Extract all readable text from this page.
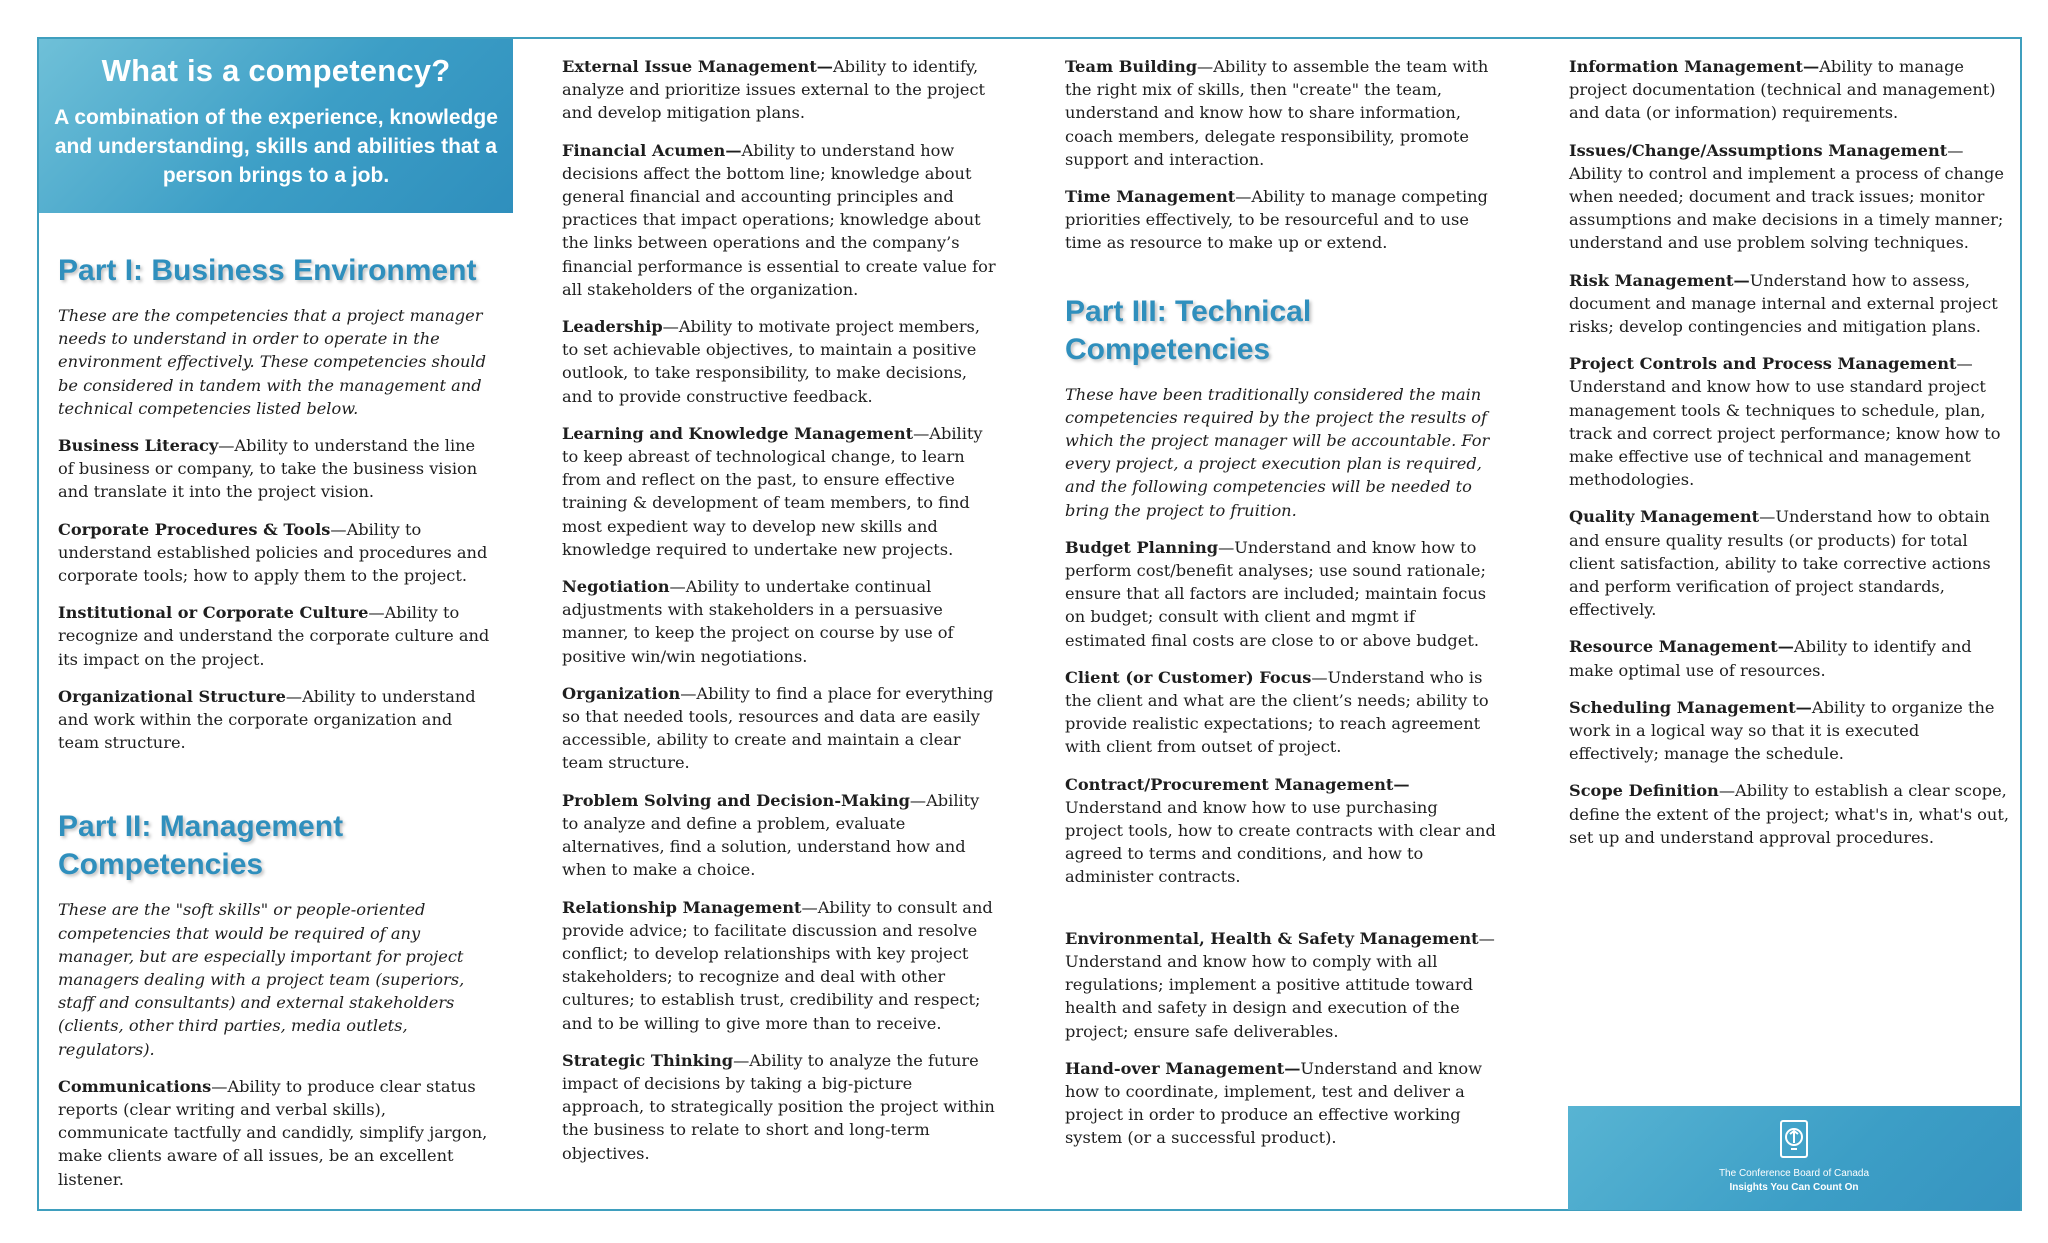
What is a competency?
A combination of the experience, knowledge and understanding, skills and abilities that a person brings to a job.
Part I: Business Environment
These are the competencies that a project manager needs to understand in order to operate in the environment effectively. These competencies should be considered in tandem with the management and technical competencies listed below.
Business Literacy—Ability to understand the line of business or company, to take the business vision and translate it into the project vision.
Corporate Procedures & Tools—Ability to understand established policies and procedures and corporate tools; how to apply them to the project.
Institutional or Corporate Culture—Ability to recognize and understand the corporate culture and its impact on the project.
Organizational Structure—Ability to understand and work within the corporate organization and team structure.
Part II: Management
Competencies
These are the "soft skills" or people-oriented competencies that would be required of any manager, but are especially important for project managers dealing with a project team (superiors, staff and consultants) and external stakeholders (clients, other third parties, media outlets, regulators).
Communications—Ability to produce clear status reports (clear writing and verbal skills), communicate tactfully and candidly, simplify jargon, make clients aware of all issues, be an excellent listener.
External Issue Management—Ability to identify, analyze and prioritize issues external to the project and develop mitigation plans.
Financial Acumen—Ability to understand how decisions affect the bottom line; knowledge about general financial and accounting principles and practices that impact operations; knowledge about the links between operations and the company’s financial performance is essential to create value for all stakeholders of the organization.
Leadership—Ability to motivate project members, to set achievable objectives, to maintain a positive outlook, to take responsibility, to make decisions, and to provide constructive feedback.
Learning and Knowledge Management—Ability to keep abreast of technological change, to learn from and reflect on the past, to ensure effective training & development of team members, to find most expedient way to develop new skills and knowledge required to undertake new projects.
Negotiation—Ability to undertake continual adjustments with stakeholders in a persuasive manner, to keep the project on course by use of positive win/win negotiations.
Organization—Ability to find a place for everything so that needed tools, resources and data are easily accessible, ability to create and maintain a clear team structure.
Problem Solving and Decision-Making—Ability to analyze and define a problem, evaluate alternatives, find a solution, understand how and when to make a choice.
Relationship Management—Ability to consult and provide advice; to facilitate discussion and resolve conflict; to develop relationships with key project stakeholders; to recognize and deal with other cultures; to establish trust, credibility and respect; and to be willing to give more than to receive.
Strategic Thinking—Ability to analyze the future impact of decisions by taking a big-picture approach, to strategically position the project within the business to relate to short and long-term objectives.
Team Building—Ability to assemble the team with the right mix of skills, then "create" the team, understand and know how to share information, coach members, delegate responsibility, promote support and interaction.
Time Management—Ability to manage competing priorities effectively, to be resourceful and to use time as resource to make up or extend.
Part III: Technical Competencies
These have been traditionally considered the main competencies required by the project the results of which the project manager will be accountable. For every project, a project execution plan is required, and the following competencies will be needed to bring the project to fruition.
Budget Planning—Understand and know how to perform cost/benefit analyses; use sound rationale; ensure that all factors are included; maintain focus on budget; consult with client and mgmt if estimated final costs are close to or above budget.
Client (or Customer) Focus—Understand who is the client and what are the client’s needs; ability to provide realistic expectations; to reach agreement with client from outset of project.
Contract/Procurement Management—Understand and know how to use purchasing project tools, how to create contracts with clear and agreed to terms and conditions, and how to administer contracts.
Environmental, Health & Safety Management—Understand and know how to comply with all regulations; implement a positive attitude toward health and safety in design and execution of the project; ensure safe deliverables.
Hand-over Management—Understand and know how to coordinate, implement, test and deliver a project in order to produce an effective working system (or a successful product).
Information Management—Ability to manage project documentation (technical and management) and data (or information) requirements.
Issues/Change/Assumptions Management—Ability to control and implement a process of change when needed; document and track issues; monitor assumptions and make decisions in a timely manner; understand and use problem solving techniques.
Risk Management—Understand how to assess, document and manage internal and external project risks; develop contingencies and mitigation plans.
Project Controls and Process Management—Understand and know how to use standard project management tools & techniques to schedule, plan, track and correct project performance; know how to make effective use of technical and management methodologies.
Quality Management—Understand how to obtain and ensure quality results (or products) for total client satisfaction, ability to take corrective actions and perform verification of project standards, effectively.
Resource Management—Ability to identify and make optimal use of resources.
Scheduling Management—Ability to organize the work in a logical way so that it is executed effectively; manage the schedule.
Scope Definition—Ability to establish a clear scope, define the extent of the project; what's in, what's out, set up and understand approval procedures.
The Conference Board of Canada
Insights You Can Count On
